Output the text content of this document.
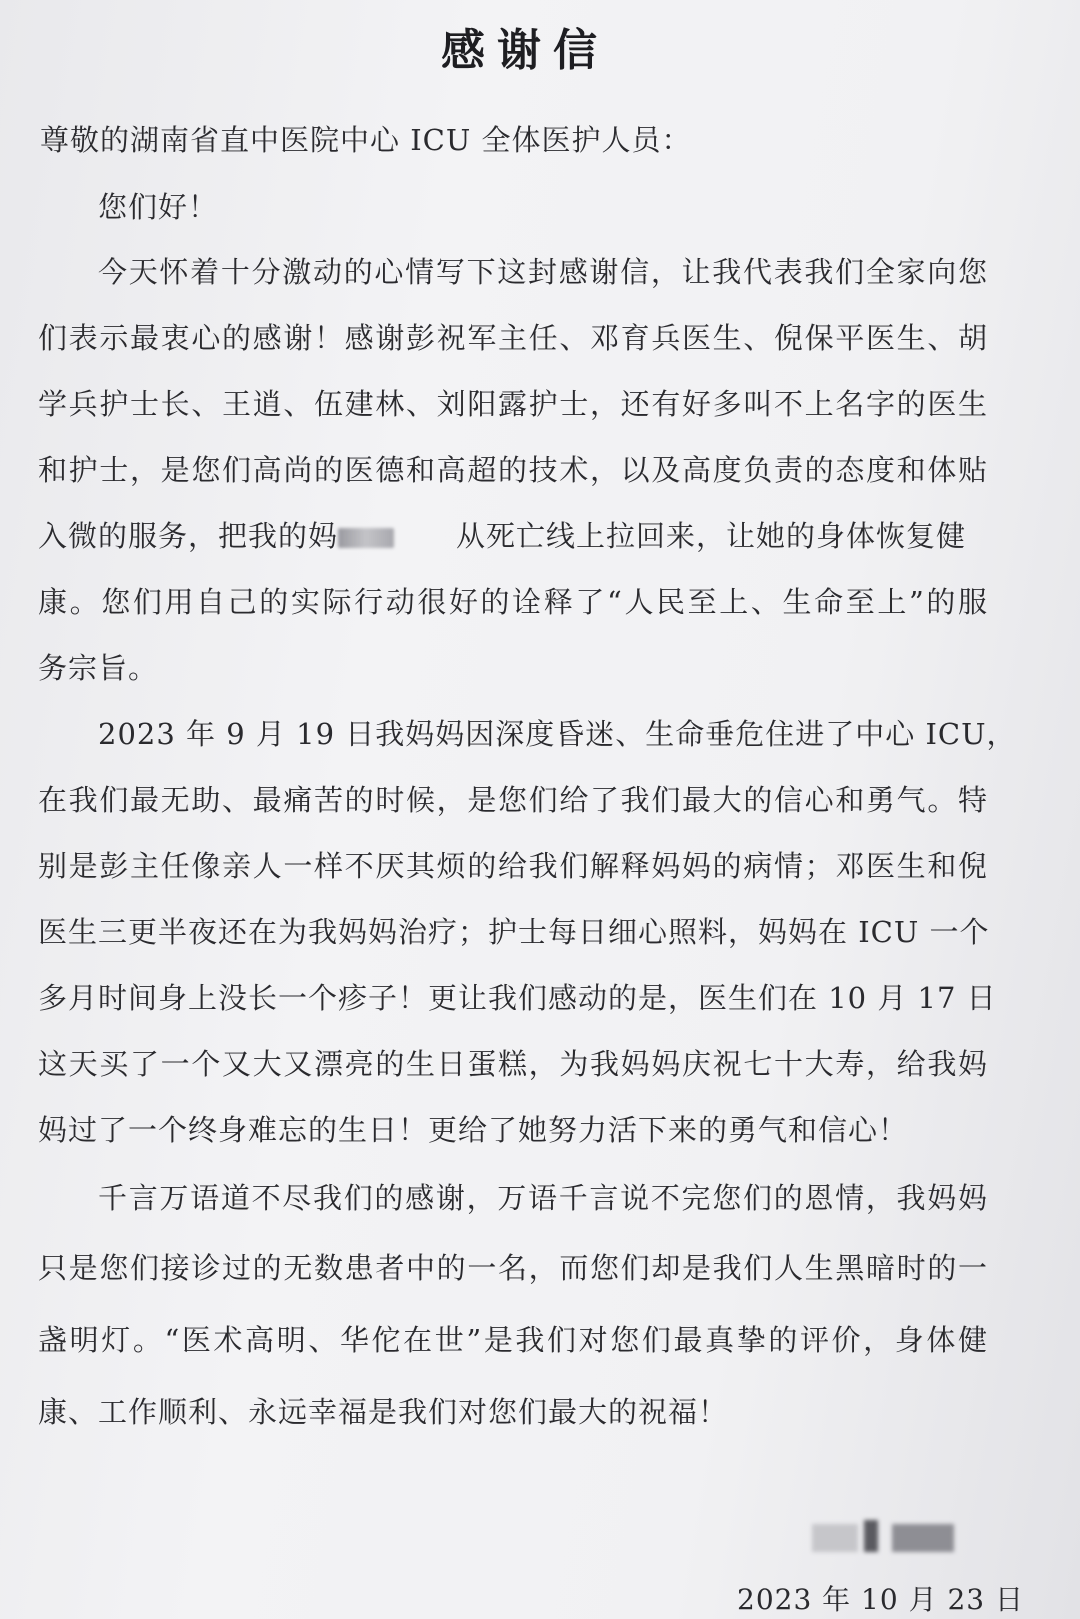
感谢信
尊敬的湖南省直中医院中心 ICU 全体医护人员：
您们好！
今天怀着十分激动的心情写下这封感谢信，让我代表我们全家向您
们表示最衷心的感谢！感谢彭祝军主任、邓育兵医生、倪保平医生、胡
学兵护士长、王逍、伍建林、刘阳露护士，还有好多叫不上名字的医生
和护士，是您们高尚的医德和高超的技术，以及高度负责的态度和体贴
入微的服务，把我的妈	从死亡线上拉回来，让她的身体恢复健
康。您们用自己的实际行动很好的诠释了“人民至上、生命至上”的服
务宗旨。
2023 年 9 月 19 日我妈妈因深度昏迷、生命垂危住进了中心 ICU，
在我们最无助、最痛苦的时候，是您们给了我们最大的信心和勇气。特
别是彭主任像亲人一样不厌其烦的给我们解释妈妈的病情；邓医生和倪
医生三更半夜还在为我妈妈治疗；护士每日细心照料，妈妈在 ICU 一个
多月时间身上没长一个疹子！更让我们感动的是，医生们在 10 月 17 日
这天买了一个又大又漂亮的生日蛋糕，为我妈妈庆祝七十大寿，给我妈
妈过了一个终身难忘的生日！更给了她努力活下来的勇气和信心！
千言万语道不尽我们的感谢，万语千言说不完您们的恩情，我妈妈
只是您们接诊过的无数患者中的一名，而您们却是我们人生黑暗时的一
盏明灯。“医术高明、华佗在世”是我们对您们最真挚的评价，身体健
康、工作顺利、永远幸福是我们对您们最大的祝福！
2023 年 10 月 23 日
